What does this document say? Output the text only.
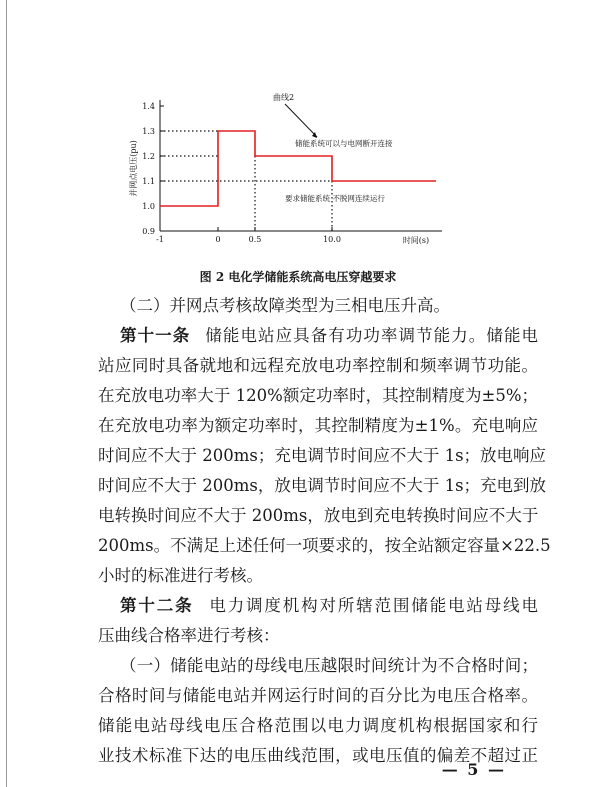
时间(s)
并网点电压(pu)
0.9
1.0
1.1
1.2
1.3
1.4
-1	0	0.5	10.0
曲线2
储能系统可以与电网断开连接
要求储能系统 不脱网连续运行
图 2 电化学储能系统高电压穿越要求
（二）并网点考核故障类型为三相电压升高。
第十一条 储能电站应具备有功功率调节能力。储能电
站应同时具备就地和远程充放电功率控制和频率调节功能。
在充放电功率大于 120%额定功率时，其控制精度为±5%；
在充放电功率为额定功率时，其控制精度为±1%。充电响应
时间应不大于 200ms；充电调节时间应不大于 1s；放电响应
时间应不大于 200ms，放电调节时间应不大于 1s；充电到放
电转换时间应不大于 200ms，放电到充电转换时间应不大于
200ms。不满足上述任何一项要求的，按全站额定容量×22.5
小时的标准进行考核。
第十二条 电力调度机构对所辖范围储能电站母线电
压曲线合格率进行考核：
（一）储能电站的母线电压越限时间统计为不合格时间；
合格时间与储能电站并网运行时间的百分比为电压合格率。
储能电站母线电压合格范围以电力调度机构根据国家和行
业技术标准下达的电压曲线范围，或电压值的偏差不超过正
— 5 —
